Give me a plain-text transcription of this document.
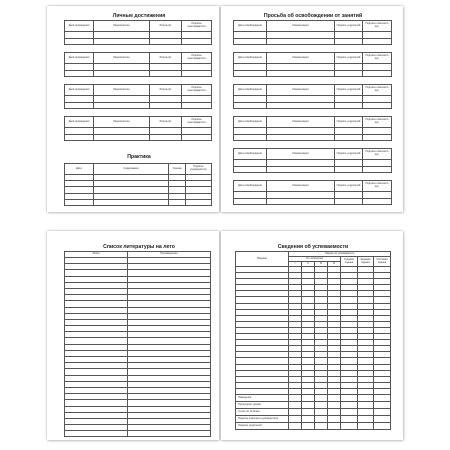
Личные достижения
Дата проведения	Мероприятие	Результат	Подпись преподавателя

Дата проведения	Мероприятие	Результат	Подпись преподавателя

Дата проведения	Мероприятие	Результат	Подпись преподавателя

Дата проведения	Мероприятие	Результат	Подпись преподавателя

Практика
Дата	Содержание	Оценка	Подпись руководителя

Просьба об освобождении от занятий
Дата освобождения	Комментарии	Подпись родителей	Подпись классного рук.

Дата освобождения	Комментарии	Подпись родителей	Подпись классного рук.

Дата освобождения	Комментарии	Подпись родителей	Подпись классного рук.

Дата освобождения	Комментарии	Подпись родителей	Подпись классного рук.

Дата освобождения	Комментарии	Подпись родителей	Подпись классного рук.

Дата освобождения	Комментарии	Подпись родителей	Подпись классного рук.

Список литературы на лето
Автор	Произведение

Сведения об успеваемости
Предмет	Оценки за успеваемость						
	По четвертям				Годовая оценка	Экзамен оценка	Итоговая оценка
	I	II	III	IV			

Поведение							
Пропущено уроков							
из них по болезни							
Подпись классного руководителя							
Подпись родителей							
